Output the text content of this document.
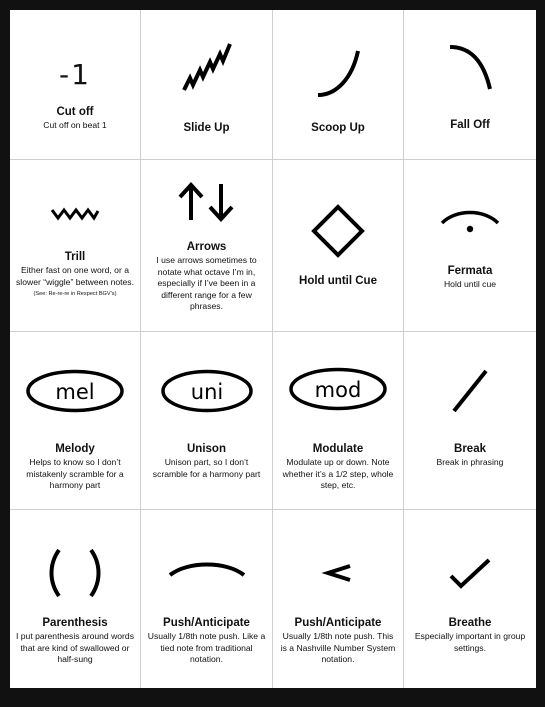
-1
Cut off
Cut off on beat 1	Slide Up	Scoop Up	Fall Off
Trill
Either fast on one word, or a slower “wiggle” between notes.
(See: Re-re-re in Respect BGV’s)
Arrows
I use arrows sometimes to notate what octave I’m in, especially if I’ve been in a different range for a few phrases.
Hold until Cue
Fermata
Hold until cue
mel
Melody
Helps to know so I don’t mistakenly scramble for a harmony part
uni
Unison
Unison part, so I don’t scramble for a harmony part
mod
Modulate
Modulate up or down. Note whether it’s a 1/2 step, whole step, etc.
Break
Break in phrasing
Parenthesis
I put parenthesis around words that are kind of swallowed or half-sung
Push/Anticipate
Usually 1/8th note push. Like a tied note from traditional notation.
Push/Anticipate
Usually 1/8th note push. This is a Nashville Number System notation.
Breathe
Especially important in group settings.
